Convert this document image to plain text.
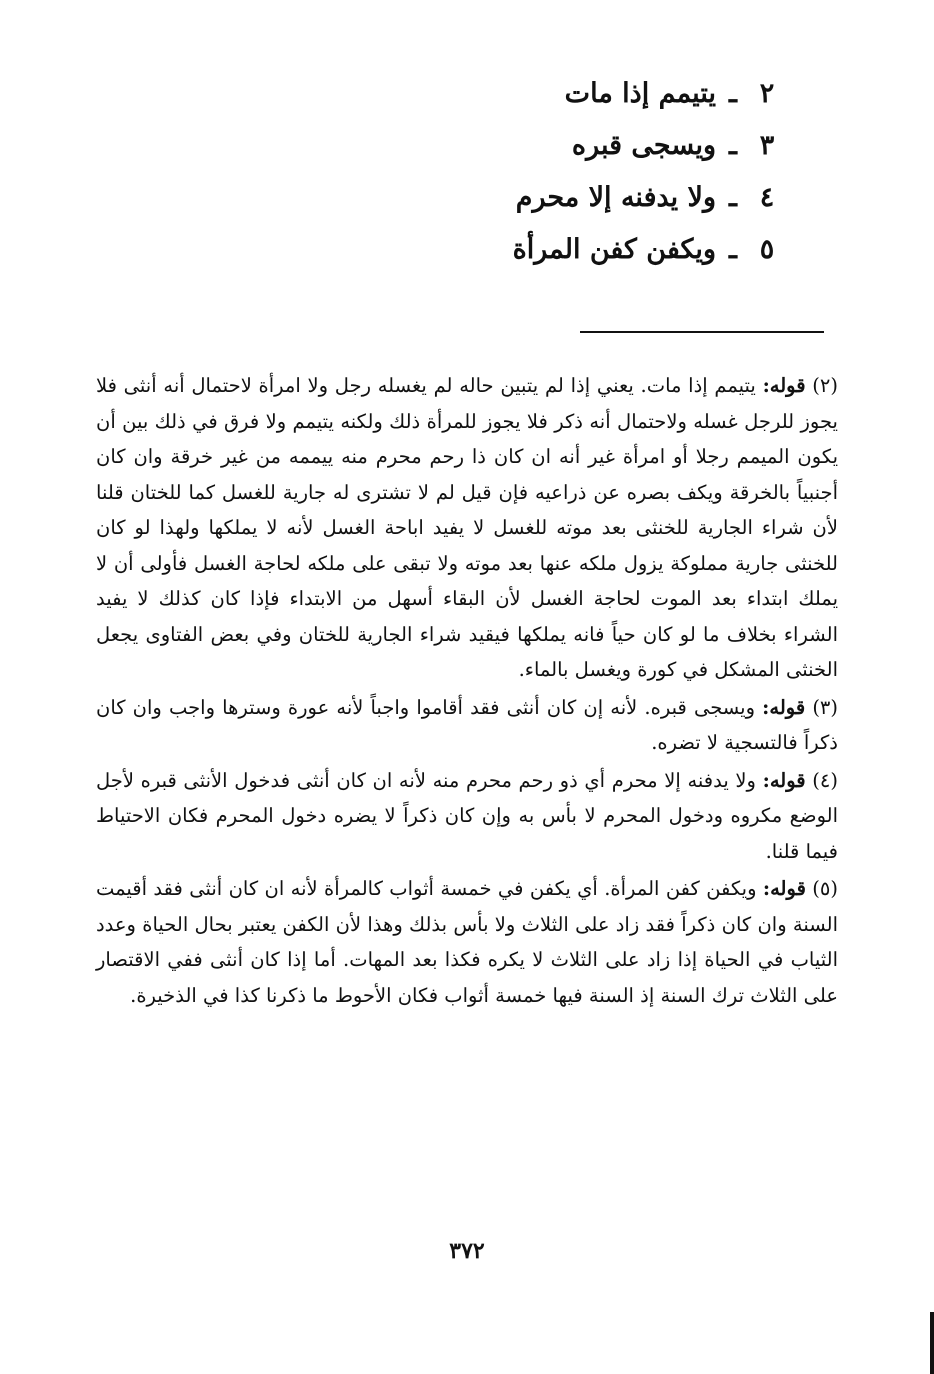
٢
ـ
يتيمم إذا مات
٣
ـ
ويسجى قبره
٤
ـ
ولا يدفنه إلا محرم
٥
ـ
ويكفن كفن المرأة

(٢) قوله: يتيمم إذا مات. يعني إذا لم يتبين حاله لم يغسله رجل ولا امرأة لاحتمال أنه أنثى فلا يجوز للرجل غسله ولاحتمال أنه ذكر فلا يجوز للمرأة ذلك ولكنه يتيمم ولا فرق في ذلك بين أن يكون الميمم رجلا أو امرأة غير أنه ان كان ذا رحم محرم منه ييممه من غير خرقة وان كان أجنبياً بالخرقة ويكف بصره عن ذراعيه فإن قيل لم لا تشترى له جارية للغسل كما للختان قلنا لأن شراء الجارية للخنثى بعد موته للغسل لا يفيد اباحة الغسل لأنه لا يملكها ولهذا لو كان للخنثى جارية مملوكة يزول ملكه عنها بعد موته ولا تبقى على ملكه لحاجة الغسل فأولى أن لا يملك ابتداء بعد الموت لحاجة الغسل لأن البقاء أسهل من الابتداء فإذا كان كذلك لا يفيد الشراء بخلاف ما لو كان حياً فانه يملكها فيقيد شراء الجارية للختان وفي بعض الفتاوى يجعل الخنثى المشكل في كورة ويغسل بالماء.

(٣) قوله: ويسجى قبره. لأنه إن كان أنثى فقد أقاموا واجباً لأنه عورة وسترها واجب وان كان ذكراً فالتسجية لا تضره.

(٤) قوله: ولا يدفنه إلا محرم أي ذو رحم محرم منه لأنه ان كان أنثى فدخول الأنثى قبره لأجل الوضع مكروه ودخول المحرم لا بأس به وإن كان ذكراً لا يضره دخول المحرم فكان الاحتياط فيما قلنا.

(٥) قوله: ويكفن كفن المرأة. أي يكفن في خمسة أثواب كالمرأة لأنه ان كان أنثى فقد أقيمت السنة وان كان ذكراً فقد زاد على الثلاث ولا بأس بذلك وهذا لأن الكفن يعتبر بحال الحياة وعدد الثياب في الحياة إذا زاد على الثلاث لا يكره فكذا بعد المهات. أما إذا كان أنثى ففي الاقتصار على الثلاث ترك السنة إذ السنة فيها خمسة أثواب فكان الأحوط ما ذكرنا كذا في الذخيرة.

٣٧٢
